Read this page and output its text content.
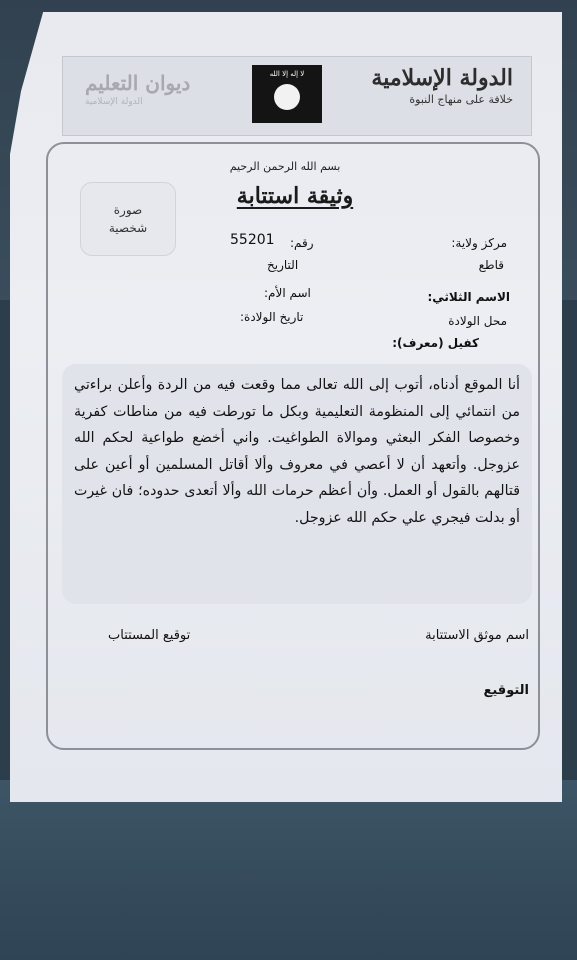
الدولة الإسلامية
خلافة على منهاج النبوة
لا إله إلا الله
ديوان التعليم
الدولة الإسلامية
بسم الله الرحمن الرحيم
وثيقة استتابة
صورة
شخصية
مركز ولاية:
قاطع
رقم:
55201
التاريخ
الاسم الثلاثي:
اسم الأم:
محل الولادة
تاريخ الولادة:
كفيل (معرف):
أنا الموقع أدناه، أتوب إلى الله تعالى مما وقعت فيه من الردة وأعلن براءتي من انتمائي إلى المنظومة التعليمية وبكل ما تورطت فيه من مناطات كفرية وخصوصا الفكر البعثي وموالاة الطواغيت. واني أخضع طواعية لحكم الله عزوجل. وأتعهد أن لا أعصي في معروف وألا أقاتل المسلمين أو أعين على قتالهم بالقول أو العمل. وأن أعظم حرمات الله وألا أتعدى حدوده؛ فان غيرت أو بدلت فيجري علي حكم الله عزوجل.
اسم موثق الاستتابة
توقيع المستتاب
التوقيع
